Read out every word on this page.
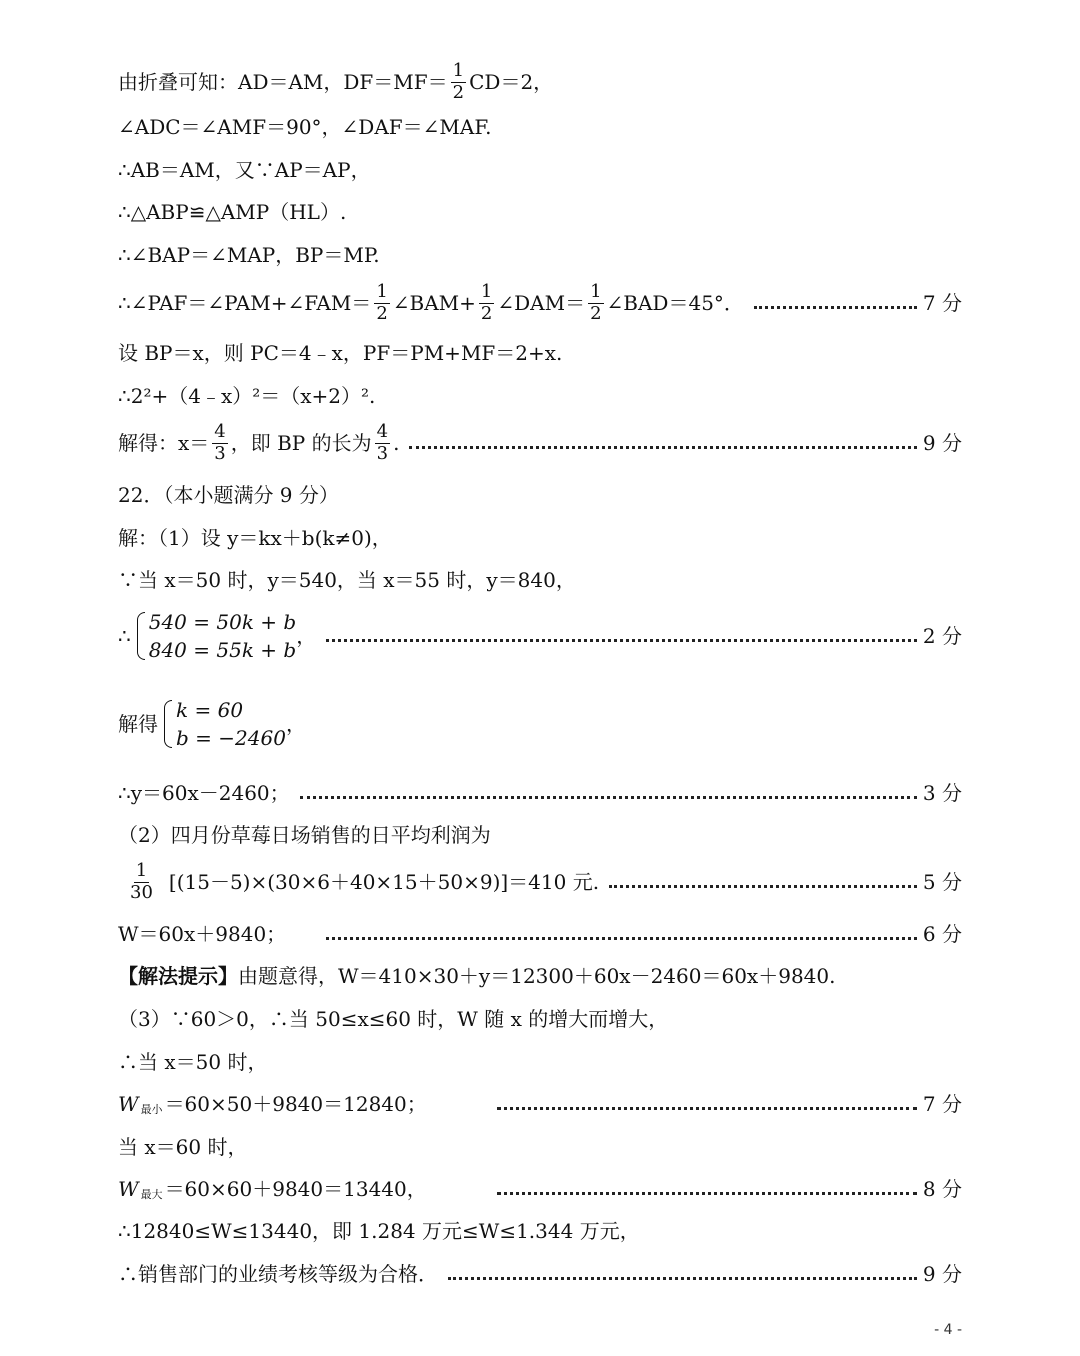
由折叠可知：AD＝AM，$DF=MF= \frac{1}{2} CD=2$，
∠ADC＝∠AMF＝90°，∠DAF＝∠MAF.
∴AB＝AM，又∵AP＝AP，
∴△ABP≌△AMP（HL）.
∴∠BAP＝∠MAP，BP＝MP.
∴∠PAF＝∠PAM+∠FAM＝ $\frac{1}{2}$ ∠BAM+ $\frac{1}{2}$ ∠DAM＝ $\frac{1}{2}$ ∠BAD＝45°．	7 分
设 BP＝x，则 PC＝4﹣x，PF＝PM+MF＝2+x.
∴2²+（4﹣x）²＝（x+2）².
解得：$x= \frac{4}{3}$ ，即 BP 的长为 $\frac{4}{3}$ .	9 分
22．（本小题满分 9 分）
解：（1）设 y＝kx＋b(k≠0)，
∵当 x＝50 时，y＝540，当 x＝55 时，y＝840，
∴
540 = 50k + b
840 = 55k + b
，	2 分
解得
k = 60
b = −2460
，
∴y＝60x－2460；	3 分
（2）四月份草莓日场销售的日平均利润为
$\frac{1}{30} [(15-5)\times(30\times 6+40\times 15+50\times 9)]=410$ 元.	5 分
W＝60x＋9840；	6 分
【解法提示】 由题意得，W＝410×30＋y＝12300＋60x－2460＝60x＋9840.
（3）∵60＞0，∴当 50≤x≤60 时，W 随 x 的增大而增大，
∴当 x＝50 时，
W 最小 ＝60×50＋9840＝12840；	7 分
当 x＝60 时，
W 最大 ＝60×60＋9840＝13440，	8 分
∴12840≤W≤13440，即 1.284 万元≤W≤1.344 万元，
∴销售部门的业绩考核等级为合格．	9 分
- 4 -
